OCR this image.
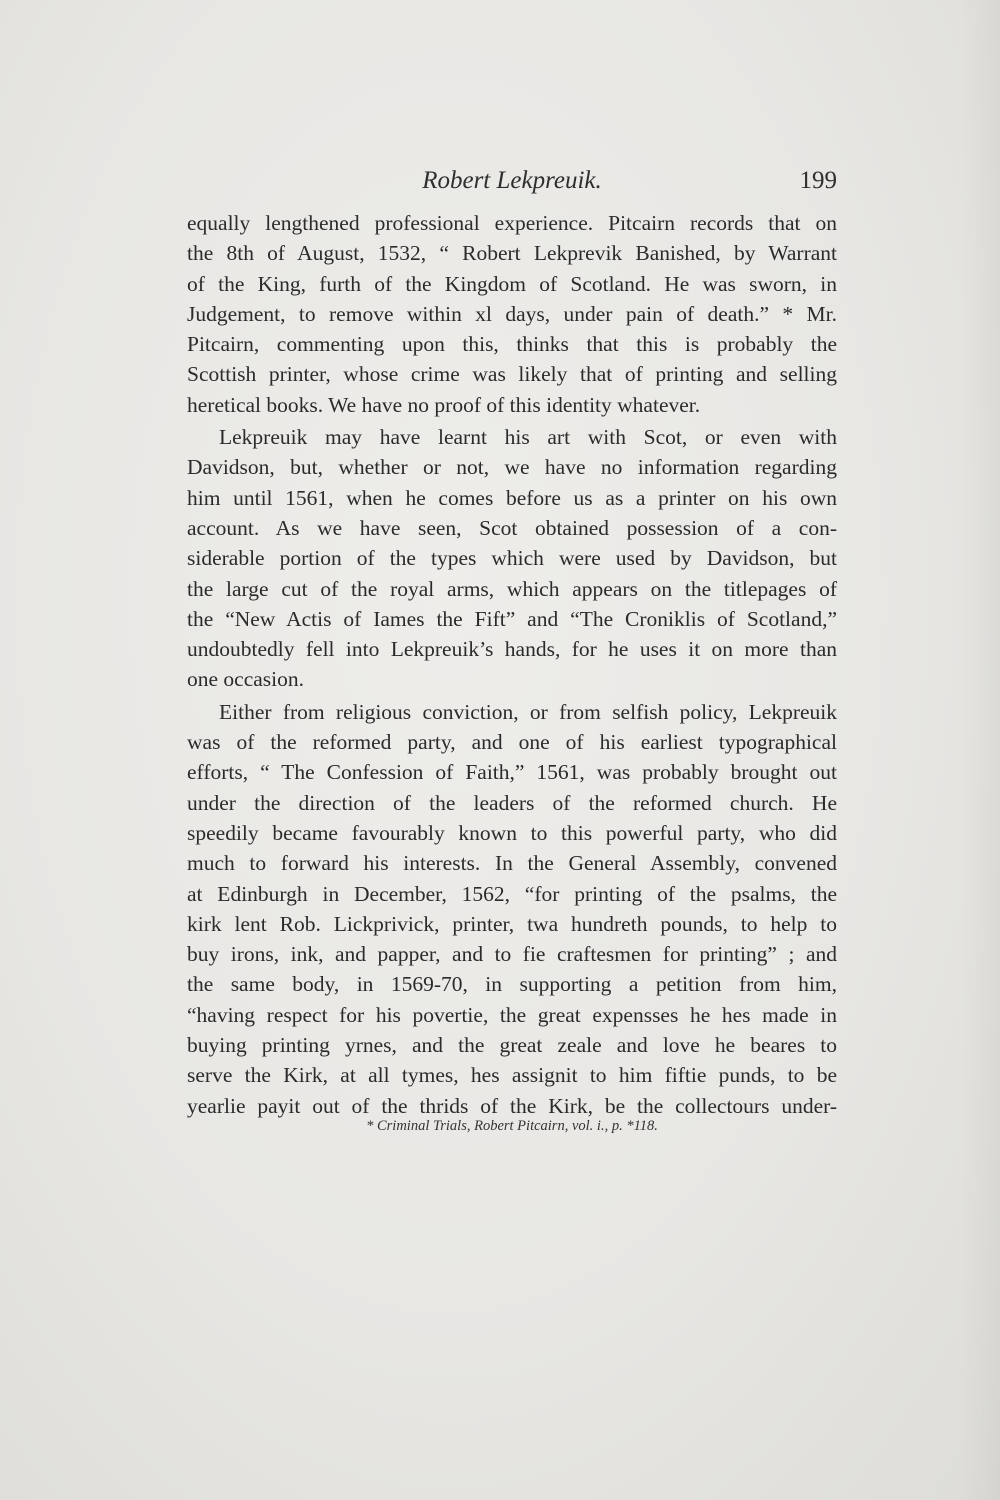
Robert Lekpreuik.	199
equally lengthened professional experience. Pitcairn records that on
the 8th of August, 1532, “ Robert Lekprevik Banished, by Warrant
of the King, furth of the Kingdom of Scotland. He was sworn, in
Judgement, to remove within xl days, under pain of death.” * Mr.
Pitcairn, commenting upon this, thinks that this is probably the
Scottish printer, whose crime was likely that of printing and selling
heretical books. We have no proof of this identity whatever.
Lekpreuik may have learnt his art with Scot, or even with
Davidson, but, whether or not, we have no information regarding
him until 1561, when he comes before us as a printer on his own
account. As we have seen, Scot obtained possession of a con-
siderable portion of the types which were used by Davidson, but
the large cut of the royal arms, which appears on the titlepages of
the “New Actis of Iames the Fift” and “The Croniklis of Scotland,”
undoubtedly fell into Lekpreuik’s hands, for he uses it on more than
one occasion.
Either from religious conviction, or from selfish policy, Lekpreuik
was of the reformed party, and one of his earliest typographical
efforts, “ The Confession of Faith,” 1561, was probably brought out
under the direction of the leaders of the reformed church. He
speedily became favourably known to this powerful party, who did
much to forward his interests. In the General Assembly, convened
at Edinburgh in December, 1562, “for printing of the psalms, the
kirk lent Rob. Lickprivick, printer, twa hundreth pounds, to help to
buy irons, ink, and papper, and to fie craftesmen for printing” ; and
the same body, in 1569-70, in supporting a petition from him,
“having respect for his povertie, the great expensses he hes made in
buying printing yrnes, and the great zeale and love he beares to
serve the Kirk, at all tymes, hes assignit to him fiftie punds, to be
yearlie payit out of the thrids of the Kirk, be the collectours under-
* Criminal Trials, Robert Pitcairn, vol. i., p. *118.
